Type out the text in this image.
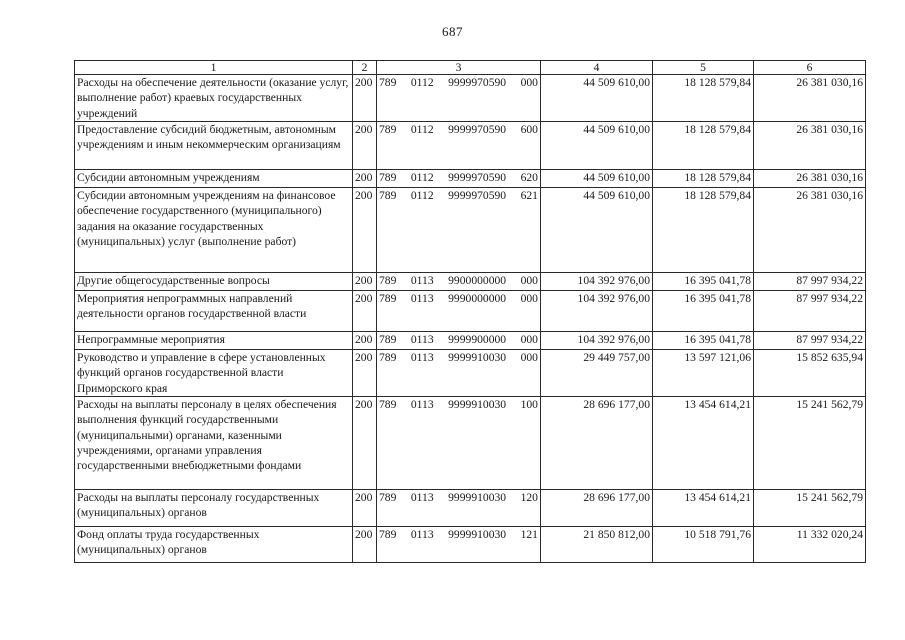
687
1	2	3	4	5	6
Расходы на обеспечение деятельности (оказание услуг, выполнение работ) краевых государственных учреждений	200	789 0112 9999970590 000	44 509 610,00	18 128 579,84	26 381 030,16
Предоставление субсидий бюджетным, автономным учреждениям и иным некоммерческим организациям	200	789 0112 9999970590 600	44 509 610,00	18 128 579,84	26 381 030,16
Субсидии автономным учреждениям	200	789 0112 9999970590 620	44 509 610,00	18 128 579,84	26 381 030,16
Субсидии автономным учреждениям на финансовое обеспечение государственного (муниципального) задания на оказание государственных (муниципальных) услуг (выполнение работ)	200	789 0112 9999970590 621	44 509 610,00	18 128 579,84	26 381 030,16
Другие общегосударственные вопросы	200	789 0113 9900000000 000	104 392 976,00	16 395 041,78	87 997 934,22
Мероприятия непрограммных направлений деятельности органов государственной власти	200	789 0113 9990000000 000	104 392 976,00	16 395 041,78	87 997 934,22
Непрограммные мероприятия	200	789 0113 9999900000 000	104 392 976,00	16 395 041,78	87 997 934,22
Руководство и управление в сфере установленных функций органов государственной власти Приморского края	200	789 0113 9999910030 000	29 449 757,00	13 597 121,06	15 852 635,94
Расходы на выплаты персоналу в целях обеспечения выполнения функций государственными (муниципальными) органами, казенными учреждениями, органами управления государственными внебюджетными фондами	200	789 0113 9999910030 100	28 696 177,00	13 454 614,21	15 241 562,79
Расходы на выплаты персоналу государственных (муниципальных) органов	200	789 0113 9999910030 120	28 696 177,00	13 454 614,21	15 241 562,79
Фонд оплаты труда государственных (муниципальных) органов	200	789 0113 9999910030 121	21 850 812,00	10 518 791,76	11 332 020,24
